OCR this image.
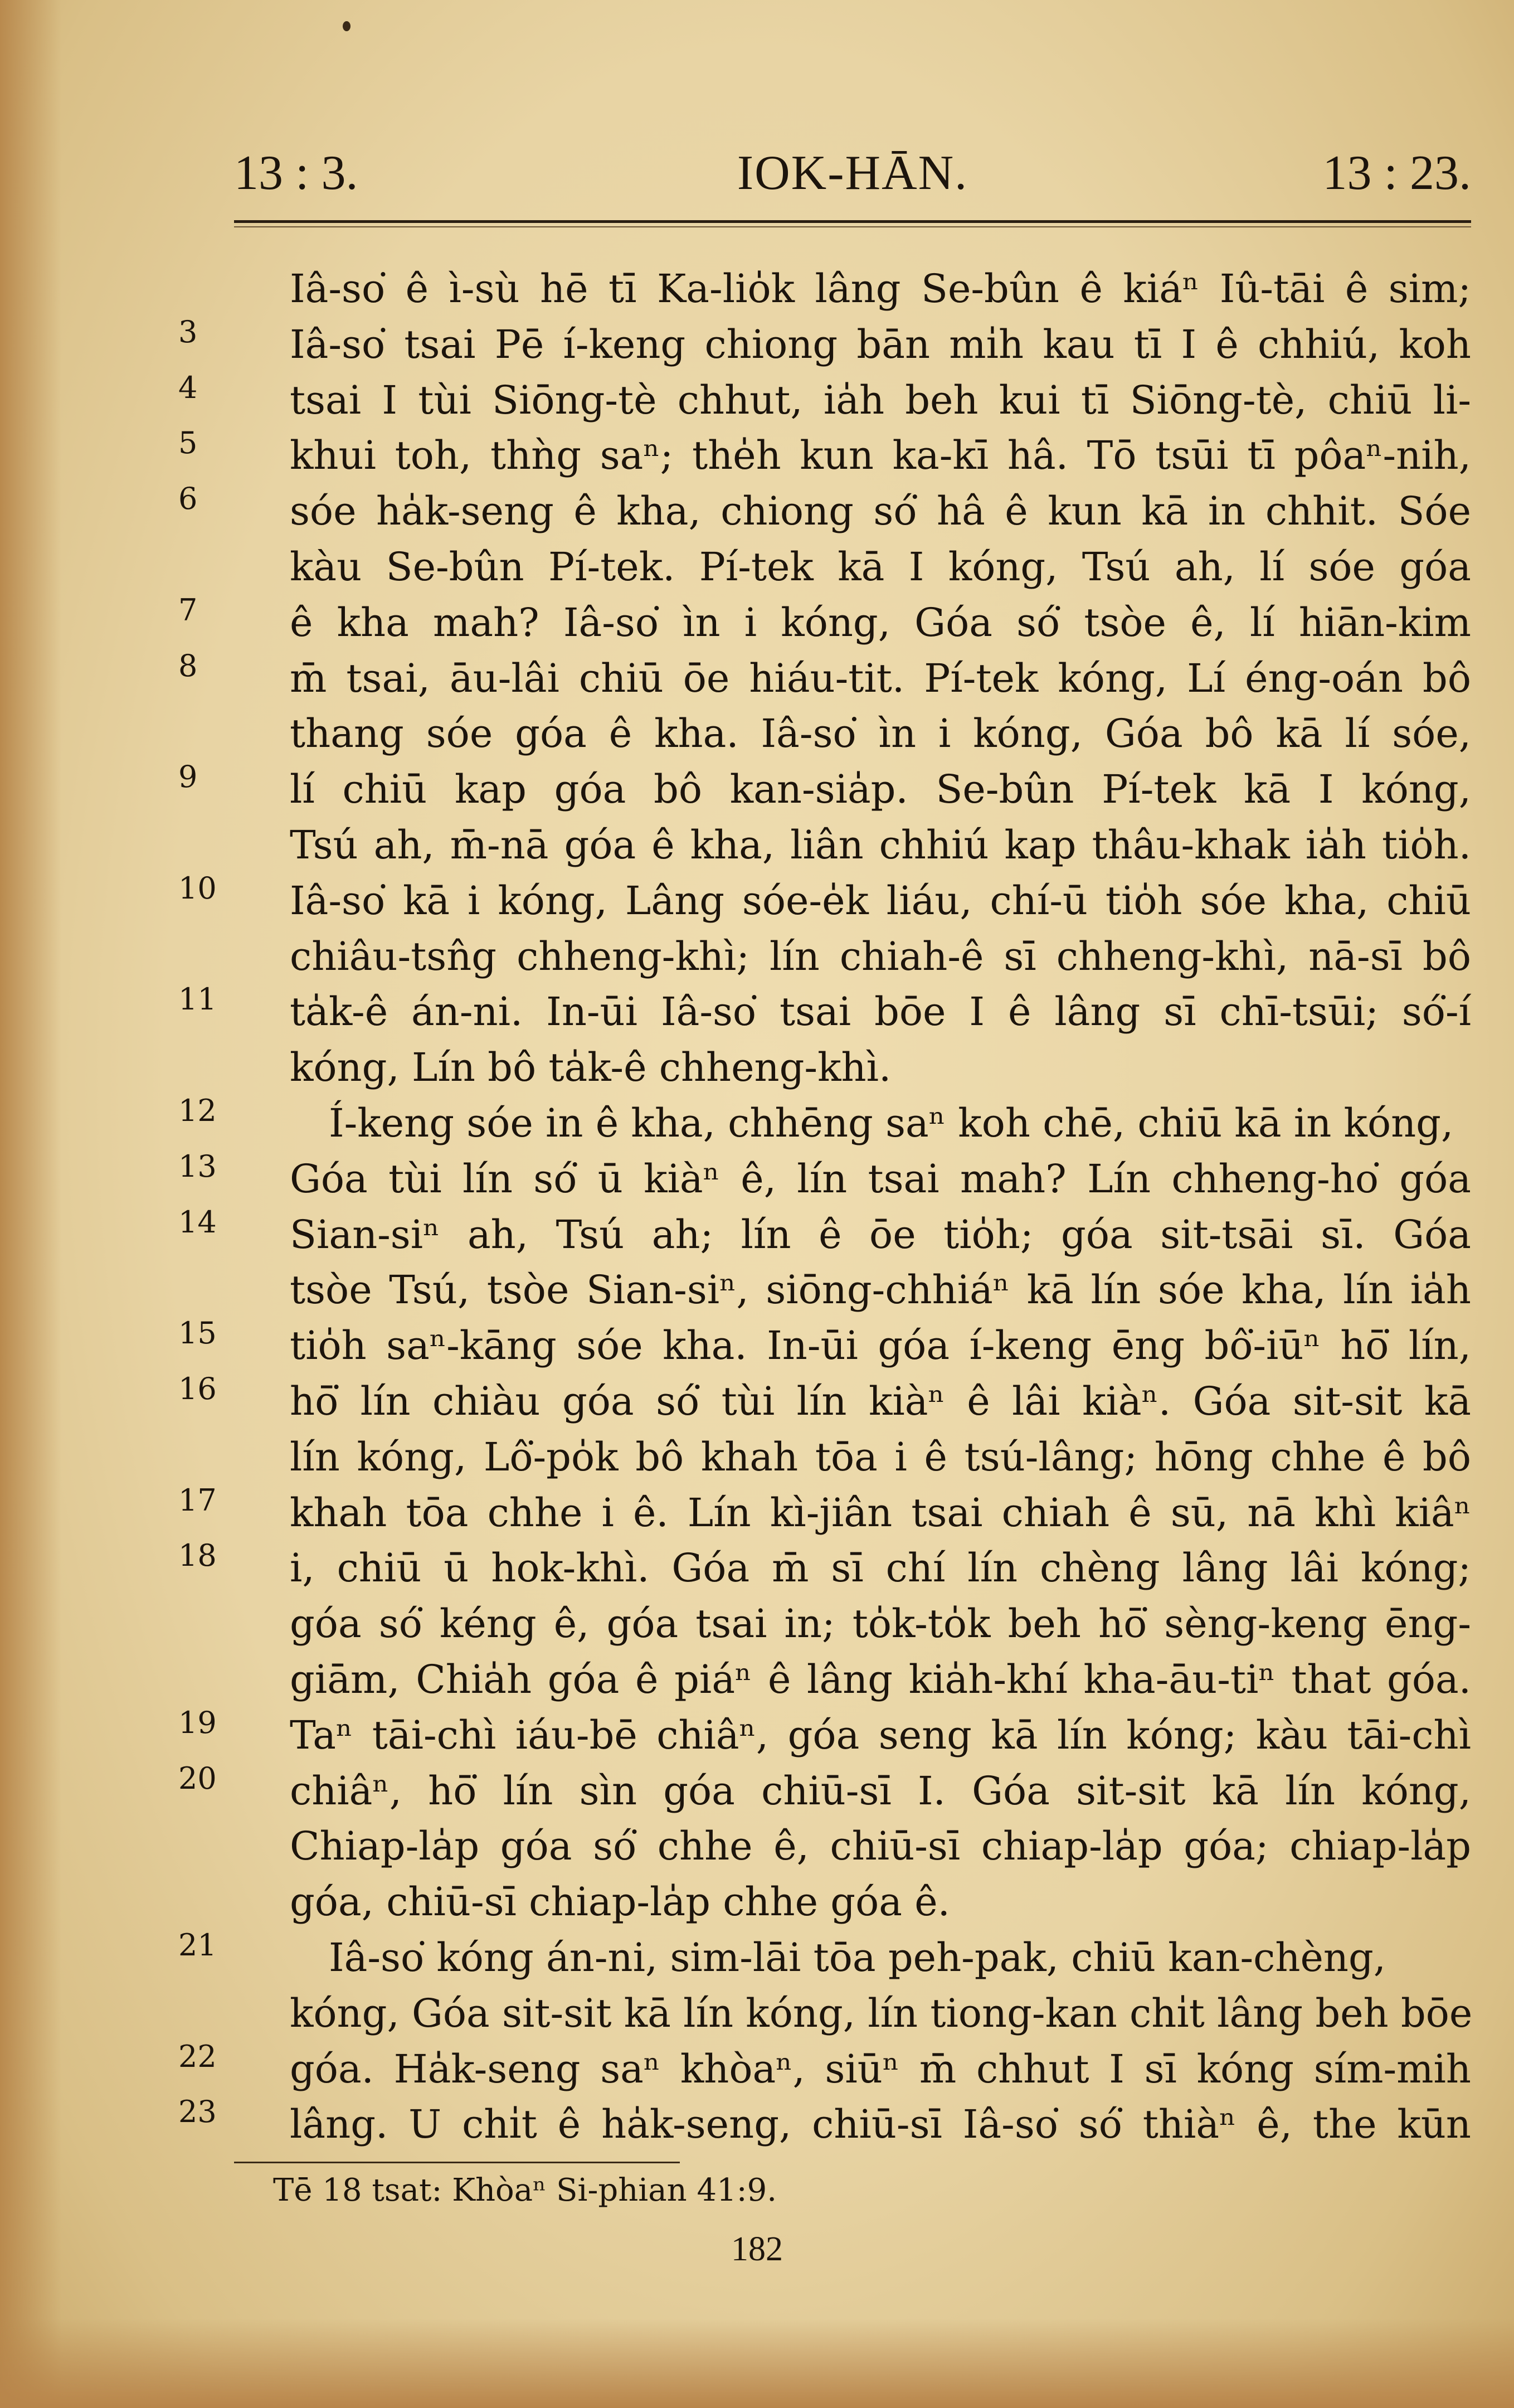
13 : 3.	IOK-HĀN.	13 : 23.
Iâ-so͘ ê ì-sù hē tī Ka-lio̍k lâng Se-bûn ê kiáⁿ Iû-tāi ê sim;
3	Iâ-so͘ tsai Pē í-keng chiong bān mi̍h kau tī I ê chhiú, koh
4	tsai I tùi Siōng-tè chhut, ia̍h beh kui tī Siōng-tè, chiū li-
5	khui toh, thǹg saⁿ; the̍h kun ka-kī hâ. Tō tsūi tī pôaⁿ-nih,
6	sóe ha̍k-seng ê kha, chiong só͘ hâ ê kun kā in chhit. Sóe
kàu Se-bûn Pí-tek. Pí-tek kā I kóng, Tsú ah, lí sóe góa
7	ê kha mah? Iâ-so͘ ìn i kóng, Góa só͘ tsòe ê, lí hiān-kim
8	m̄ tsai, āu-lâi chiū ōe hiáu-tit. Pí-tek kóng, Lí éng-oán bô
thang sóe góa ê kha. Iâ-so͘ ìn i kóng, Góa bô kā lí sóe,
9	lí chiū kap góa bô kan-sia̍p. Se-bûn Pí-tek kā I kóng,
Tsú ah, m̄-nā góa ê kha, liân chhiú kap thâu-khak ia̍h tio̍h.
10 Iâ-so͘ kā i kóng, Lâng sóe-e̍k liáu, chí-ū tio̍h sóe kha, chiū
chiâu-tsn̂g chheng-khì; lín chiah-ê sī chheng-khì, nā-sī bô
11 ta̍k-ê án-ni. In-ūi Iâ-so͘ tsai bōe I ê lâng sī chī-tsūi; só͘-í
kóng, Lín bô ta̍k-ê chheng-khì.
12	Í-keng sóe in ê kha, chhēng saⁿ koh chē, chiū kā in kóng,
13 Góa tùi lín só͘ ū kiàⁿ ê, lín tsai mah? Lín chheng-ho͘ góa
14 Sian-siⁿ ah, Tsú ah; lín ê ōe tio̍h; góa sit-tsāi sī. Góa
tsòe Tsú, tsòe Sian-siⁿ, siōng-chhiáⁿ kā lín sóe kha, lín ia̍h
15 tio̍h saⁿ-kāng sóe kha. In-ūi góa í-keng ēng bô͘-iūⁿ hō͘ lín,
16 hō͘ lín chiàu góa só͘ tùi lín kiàⁿ ê lâi kiàⁿ. Góa sit-sit kā
lín kóng, Lô͘-po̍k bô khah tōa i ê tsú-lâng; hōng chhe ê bô
17 khah tōa chhe i ê. Lín kì-jiân tsai chiah ê sū, nā khì kiâⁿ
18 i, chiū ū hok-khì. Góa m̄ sī chí lín chèng lâng lâi kóng;
góa só͘ kéng ê, góa tsai in; to̍k-to̍k beh hō͘ sèng-keng ēng-
giām, Chia̍h góa ê piáⁿ ê lâng kia̍h-khí kha-āu-tiⁿ that góa.
19 Taⁿ tāi-chì iáu-bē chiâⁿ, góa seng kā lín kóng; kàu tāi-chì
20 chiâⁿ, hō͘ lín sìn góa chiū-sī I. Góa sit-sit kā lín kóng,
Chiap-la̍p góa só͘ chhe ê, chiū-sī chiap-la̍p góa; chiap-la̍p
góa, chiū-sī chiap-la̍p chhe góa ê.
21	Iâ-so͘ kóng án-ni, sim-lāi tōa peh-pak, chiū kan-chèng,
kóng, Góa sit-sit kā lín kóng, lín tiong-kan chi̍t lâng beh bōe
22 góa. Ha̍k-seng saⁿ khòaⁿ, siūⁿ m̄ chhut I sī kóng sím-mih
23 lâng. U chi̍t ê ha̍k-seng, chiū-sī Iâ-so͘ só͘ thiàⁿ ê, the kūn
Tē 18 tsat: Khòaⁿ Si-phian 41:9.
182
